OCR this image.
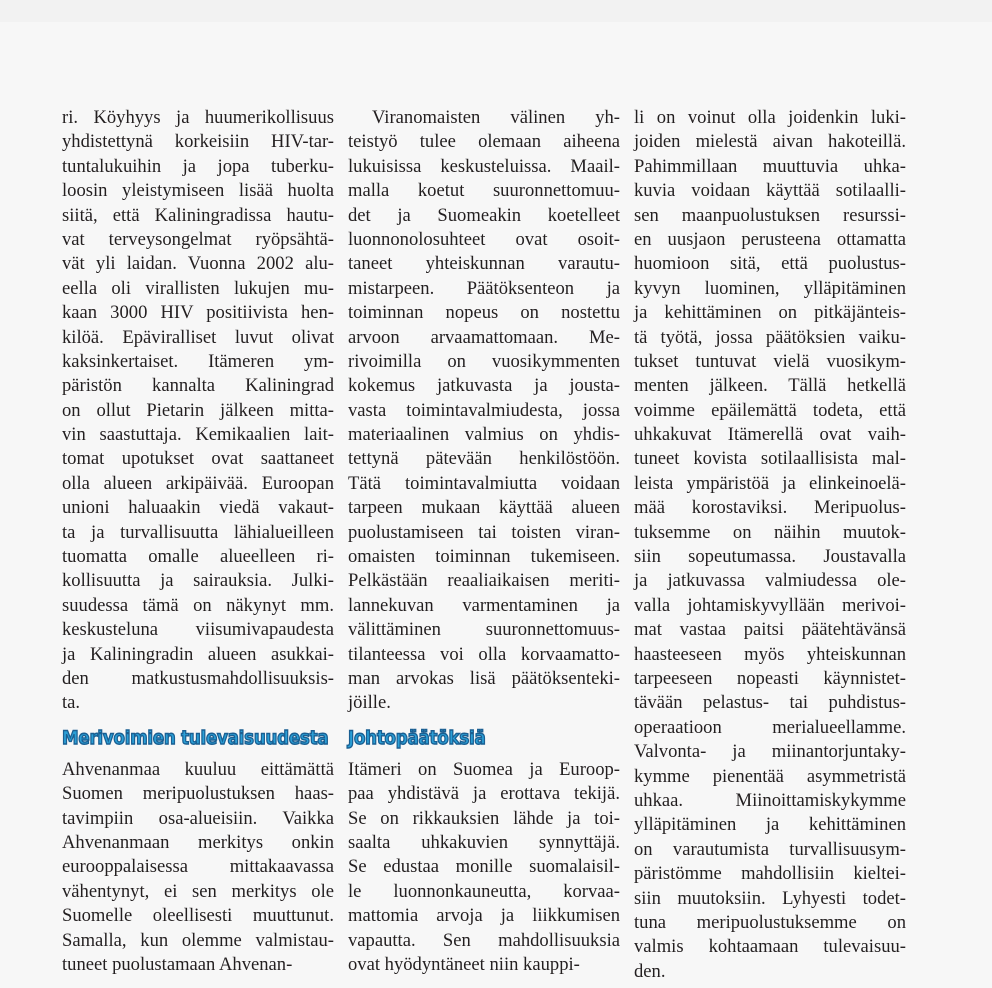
ri. Köyhyys ja huumerikollisuus
yhdistettynä korkeisiin HIV-tar-
tuntalukuihin ja jopa tuberku-
loosin yleistymiseen lisää huolta
siitä, että Kaliningradissa hautu-
vat terveysongelmat ryöpsähtä-
vät yli laidan. Vuonna 2002 alu-
eella oli virallisten lukujen mu-
kaan 3000 HIV positiivista hen-
kilöä. Epäviralliset luvut olivat
kaksinkertaiset. Itämeren ym-
päristön kannalta Kaliningrad
on ollut Pietarin jälkeen mitta-
vin saastuttaja. Kemikaalien lait-
tomat upotukset ovat saattaneet
olla alueen arkipäivää. Euroopan
unioni haluaakin viedä vakaut-
ta ja turvallisuutta lähialueilleen
tuomatta omalle alueelleen ri-
kollisuutta ja sairauksia. Julki-
suudessa tämä on näkynyt mm.
keskusteluna viisumivapaudesta
ja Kaliningradin alueen asukkai-
den matkustusmahdollisuuksis-
ta.
Merivoimien tulevaisuudesta
Ahvenanmaa kuuluu eittämättä
Suomen meripuolustuksen haas-
tavimpiin osa-alueisiin. Vaikka
Ahvenanmaan merkitys onkin
eurooppalaisessa mittakaavassa
vähentynyt, ei sen merkitys ole
Suomelle oleellisesti muuttunut.
Samalla, kun olemme valmistau-
tuneet puolustamaan Ahvenan-
Viranomaisten välinen yh-
teistyö tulee olemaan aiheena
lukuisissa keskusteluissa. Maail-
malla koetut suuronnettomuu-
det ja Suomeakin koetelleet
luonnonolosuhteet ovat osoit-
taneet yhteiskunnan varautu-
mistarpeen. Päätöksenteon ja
toiminnan nopeus on nostettu
arvoon arvaamattomaan. Me-
rivoimilla on vuosikymmenten
kokemus jatkuvasta ja jousta-
vasta toimintavalmiudesta, jossa
materiaalinen valmius on yhdis-
tettynä pätevään henkilöstöön.
Tätä toimintavalmiutta voidaan
tarpeen mukaan käyttää alueen
puolustamiseen tai toisten viran-
omaisten toiminnan tukemiseen.
Pelkästään reaaliaikaisen meriti-
lannekuvan varmentaminen ja
välittäminen suuronnettomuus-
tilanteessa voi olla korvaamatto-
man arvokas lisä päätöksenteki-
jöille.
Johtopäätöksiä
Itämeri on Suomea ja Euroop-
paa yhdistävä ja erottava tekijä.
Se on rikkauksien lähde ja toi-
saalta uhkakuvien synnyttäjä.
Se edustaa monille suomalaisil-
le luonnonkauneutta, korvaa-
mattomia arvoja ja liikkumisen
vapautta. Sen mahdollisuuksia
ovat hyödyntäneet niin kauppi-
li on voinut olla joidenkin luki-
joiden mielestä aivan hakoteillä.
Pahimmillaan muuttuvia uhka-
kuvia voidaan käyttää sotilaalli-
sen maanpuolustuksen resurssi-
en uusjaon perusteena ottamatta
huomioon sitä, että puolustus-
kyvyn luominen, ylläpitäminen
ja kehittäminen on pitkäjänteis-
tä työtä, jossa päätöksien vaiku-
tukset tuntuvat vielä vuosikym-
menten jälkeen. Tällä hetkellä
voimme epäilemättä todeta, että
uhkakuvat Itämerellä ovat vaih-
tuneet kovista sotilaallisista mal-
leista ympäristöä ja elinkeinoelä-
mää korostaviksi. Meripuolus-
tuksemme on näihin muutok-
siin sopeutumassa. Joustavalla
ja jatkuvassa valmiudessa ole-
valla johtamiskyvyllään merivoi-
mat vastaa paitsi päätehtävänsä
haasteeseen myös yhteiskunnan
tarpeeseen nopeasti käynnistet-
tävään pelastus- tai puhdistus-
operaatioon merialueellamme.
Valvonta- ja miinantorjuntaky-
kymme pienentää asymmetristä
uhkaa. Miinoittamiskykymme
ylläpitäminen ja kehittäminen
on varautumista turvallisuusym-
päristömme mahdollisiin kieltei-
siin muutoksiin. Lyhyesti todet-
tuna meripuolustuksemme on
valmis kohtaamaan tulevaisuu-
den.
